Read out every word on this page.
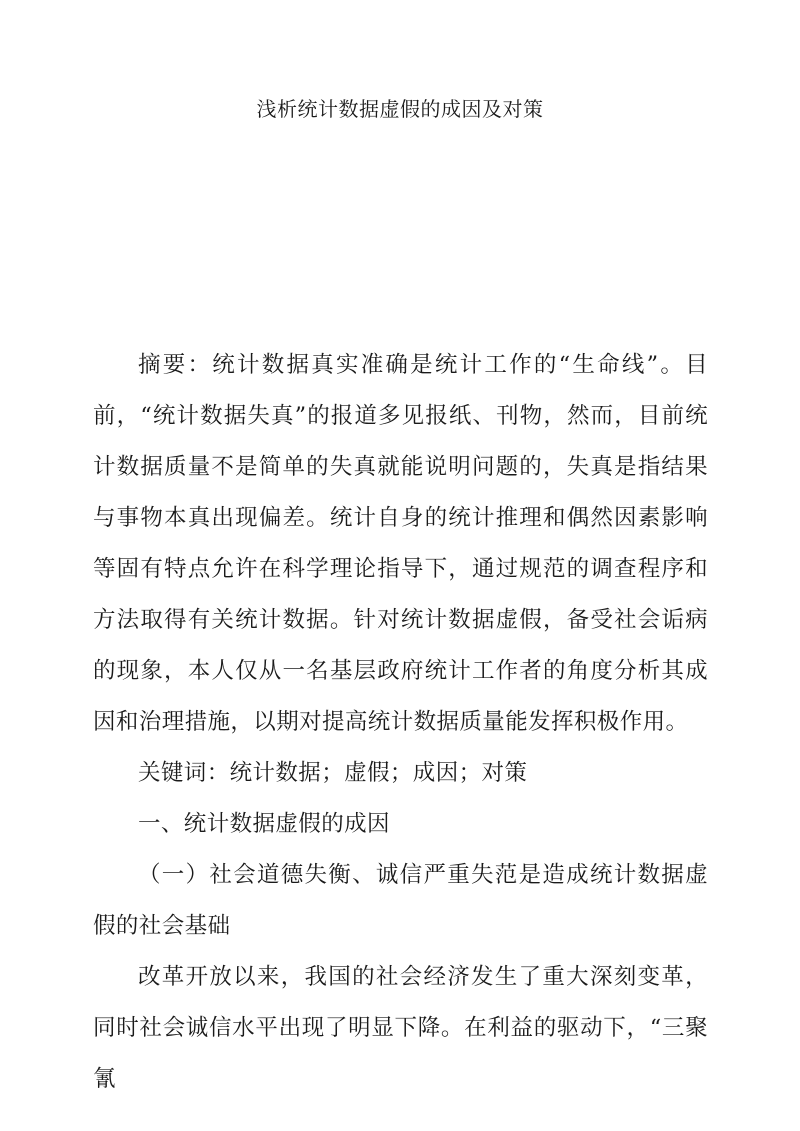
浅析统计数据虚假的成因及对策

摘要：统计数据真实准确是统计工作的“生命线”。目前，“统计数据失真”的报道多见报纸、刊物，然而，目前统计数据质量不是简单的失真就能说明问题的，失真是指结果与事物本真出现偏差。统计自身的统计推理和偶然因素影响等固有特点允许在科学理论指导下，通过规范的调查程序和方法取得有关统计数据。针对统计数据虚假，备受社会诟病的现象，本人仅从一名基层政府统计工作者的角度分析其成因和治理措施，以期对提高统计数据质量能发挥积极作用。

关键词：统计数据；虚假；成因；对策

一、统计数据虚假的成因

（一）社会道德失衡、诚信严重失范是造成统计数据虚假的社会基础

改革开放以来，我国的社会经济发生了重大深刻变革，同时社会诚信水平出现了明显下降。在利益的驱动下，“三聚氰
